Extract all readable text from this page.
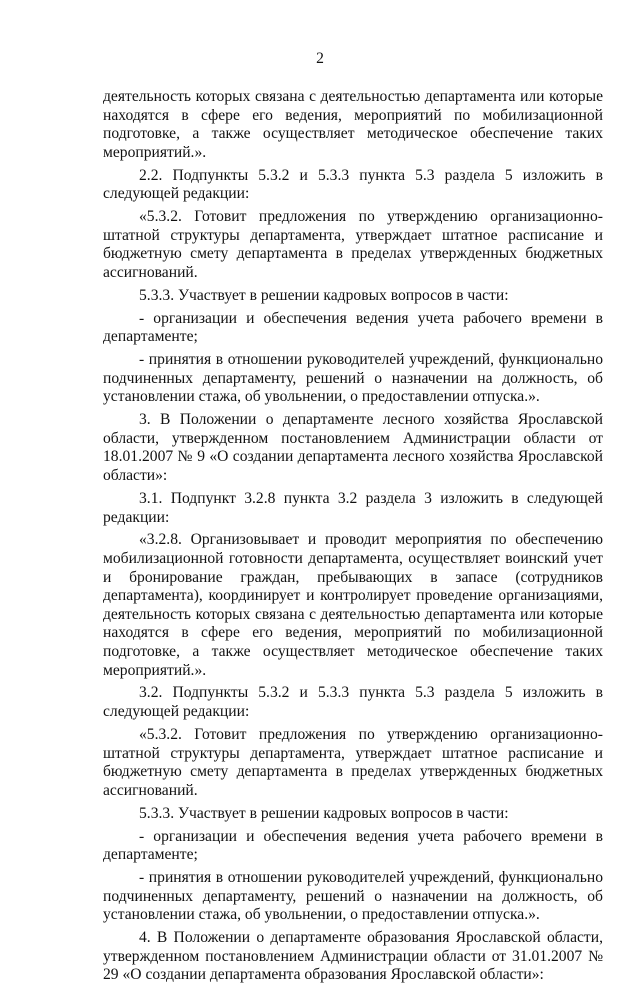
2

деятельность которых связана с деятельностью департамента или которые находятся в сфере его ведения, мероприятий по мобилизационной подготовке, а также осуществляет методическое обеспечение таких мероприятий.».

2.2. Подпункты 5.3.2 и 5.3.3 пункта 5.3 раздела 5 изложить в следующей редакции:

«5.3.2. Готовит предложения по утверждению организационно-штатной структуры департамента, утверждает штатное расписание и бюджетную смету департамента в пределах утвержденных бюджетных ассигнований.

5.3.3. Участвует в решении кадровых вопросов в части:

- организации и обеспечения ведения учета рабочего времени в департаменте;

- принятия в отношении руководителей учреждений, функционально подчиненных департаменту, решений о назначении на должность, об установлении стажа, об увольнении, о предоставлении отпуска.».

3. В Положении о департаменте лесного хозяйства Ярославской области, утвержденном постановлением Администрации области от 18.01.2007 № 9 «О создании департамента лесного хозяйства Ярославской области»:

3.1. Подпункт 3.2.8 пункта 3.2 раздела 3 изложить в следующей редакции:

«3.2.8. Организовывает и проводит мероприятия по обеспечению мобилизационной готовности департамента, осуществляет воинский учет и бронирование граждан, пребывающих в запасе (сотрудников департамента), координирует и контролирует проведение организациями, деятельность которых связана с деятельностью департамента или которые находятся в сфере его ведения, мероприятий по мобилизационной подготовке, а также осуществляет методическое обеспечение таких мероприятий.».

3.2. Подпункты 5.3.2 и 5.3.3 пункта 5.3 раздела 5 изложить в следующей редакции:

«5.3.2. Готовит предложения по утверждению организационно-штатной структуры департамента, утверждает штатное расписание и бюджетную смету департамента в пределах утвержденных бюджетных ассигнований.

5.3.3. Участвует в решении кадровых вопросов в части:

- организации и обеспечения ведения учета рабочего времени в департаменте;

- принятия в отношении руководителей учреждений, функционально подчиненных департаменту, решений о назначении на должность, об установлении стажа, об увольнении, о предоставлении отпуска.».

4. В Положении о департаменте образования Ярославской области, утвержденном постановлением Администрации области от 31.01.2007 № 29 «О создании департамента образования Ярославской области»:
